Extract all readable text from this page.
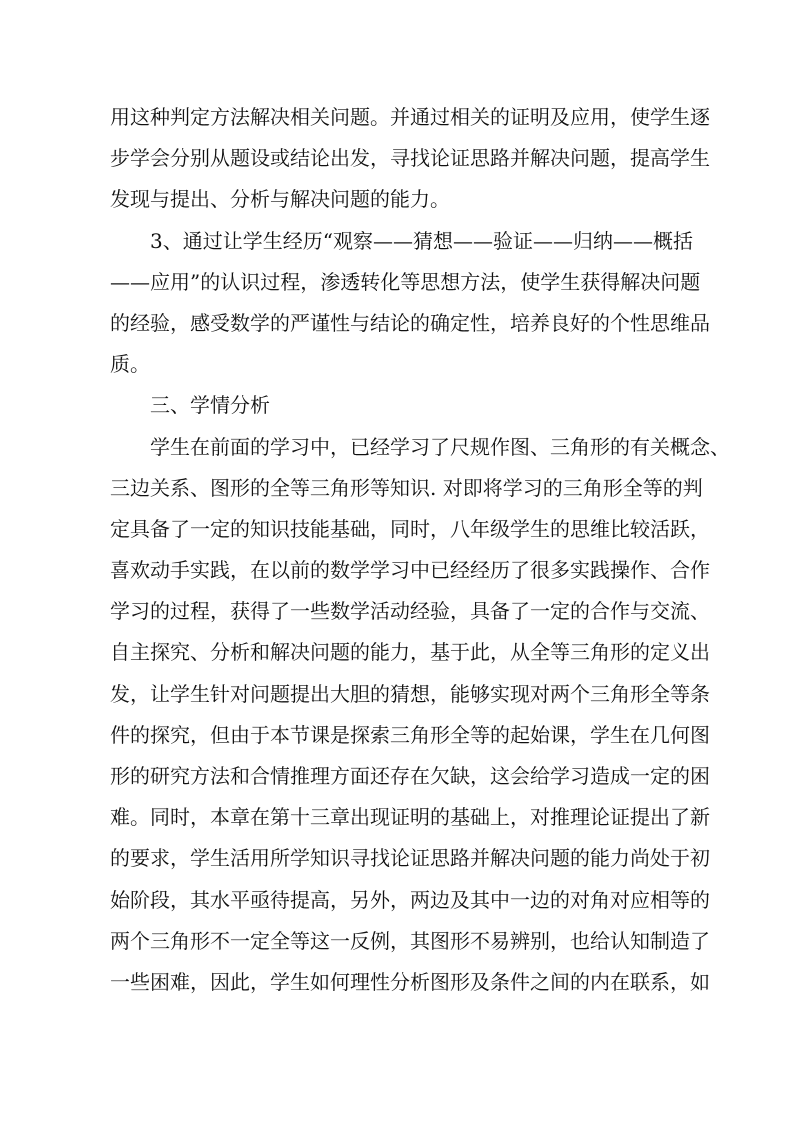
用这种判定方法解决相关问题。并通过相关的证明及应用，使学生逐
步学会分别从题设或结论出发，寻找论证思路并解决问题，提高学生
发现与提出、分析与解决问题的能力。
3、通过让学生经历“观察——猜想——验证——归纳——概括
——应用”的认识过程，渗透转化等思想方法，使学生获得解决问题
的经验，感受数学的严谨性与结论的确定性，培养良好的个性思维品
质。
三、学情分析
学生在前面的学习中，已经学习了尺规作图、三角形的有关概念、
三边关系、图形的全等三角形等知识. 对即将学习的三角形全等的判
定具备了一定的知识技能基础，同时，八年级学生的思维比较活跃，
喜欢动手实践，在以前的数学学习中已经经历了很多实践操作、合作
学习的过程，获得了一些数学活动经验，具备了一定的合作与交流、
自主探究、分析和解决问题的能力，基于此，从全等三角形的定义出
发，让学生针对问题提出大胆的猜想，能够实现对两个三角形全等条
件的探究，但由于本节课是探索三角形全等的起始课，学生在几何图
形的研究方法和合情推理方面还存在欠缺，这会给学习造成一定的困
难。同时，本章在第十三章出现证明的基础上，对推理论证提出了新
的要求，学生活用所学知识寻找论证思路并解决问题的能力尚处于初
始阶段，其水平亟待提高，另外，两边及其中一边的对角对应相等的
两个三角形不一定全等这一反例，其图形不易辨别，也给认知制造了
一些困难，因此，学生如何理性分析图形及条件之间的内在联系，如
